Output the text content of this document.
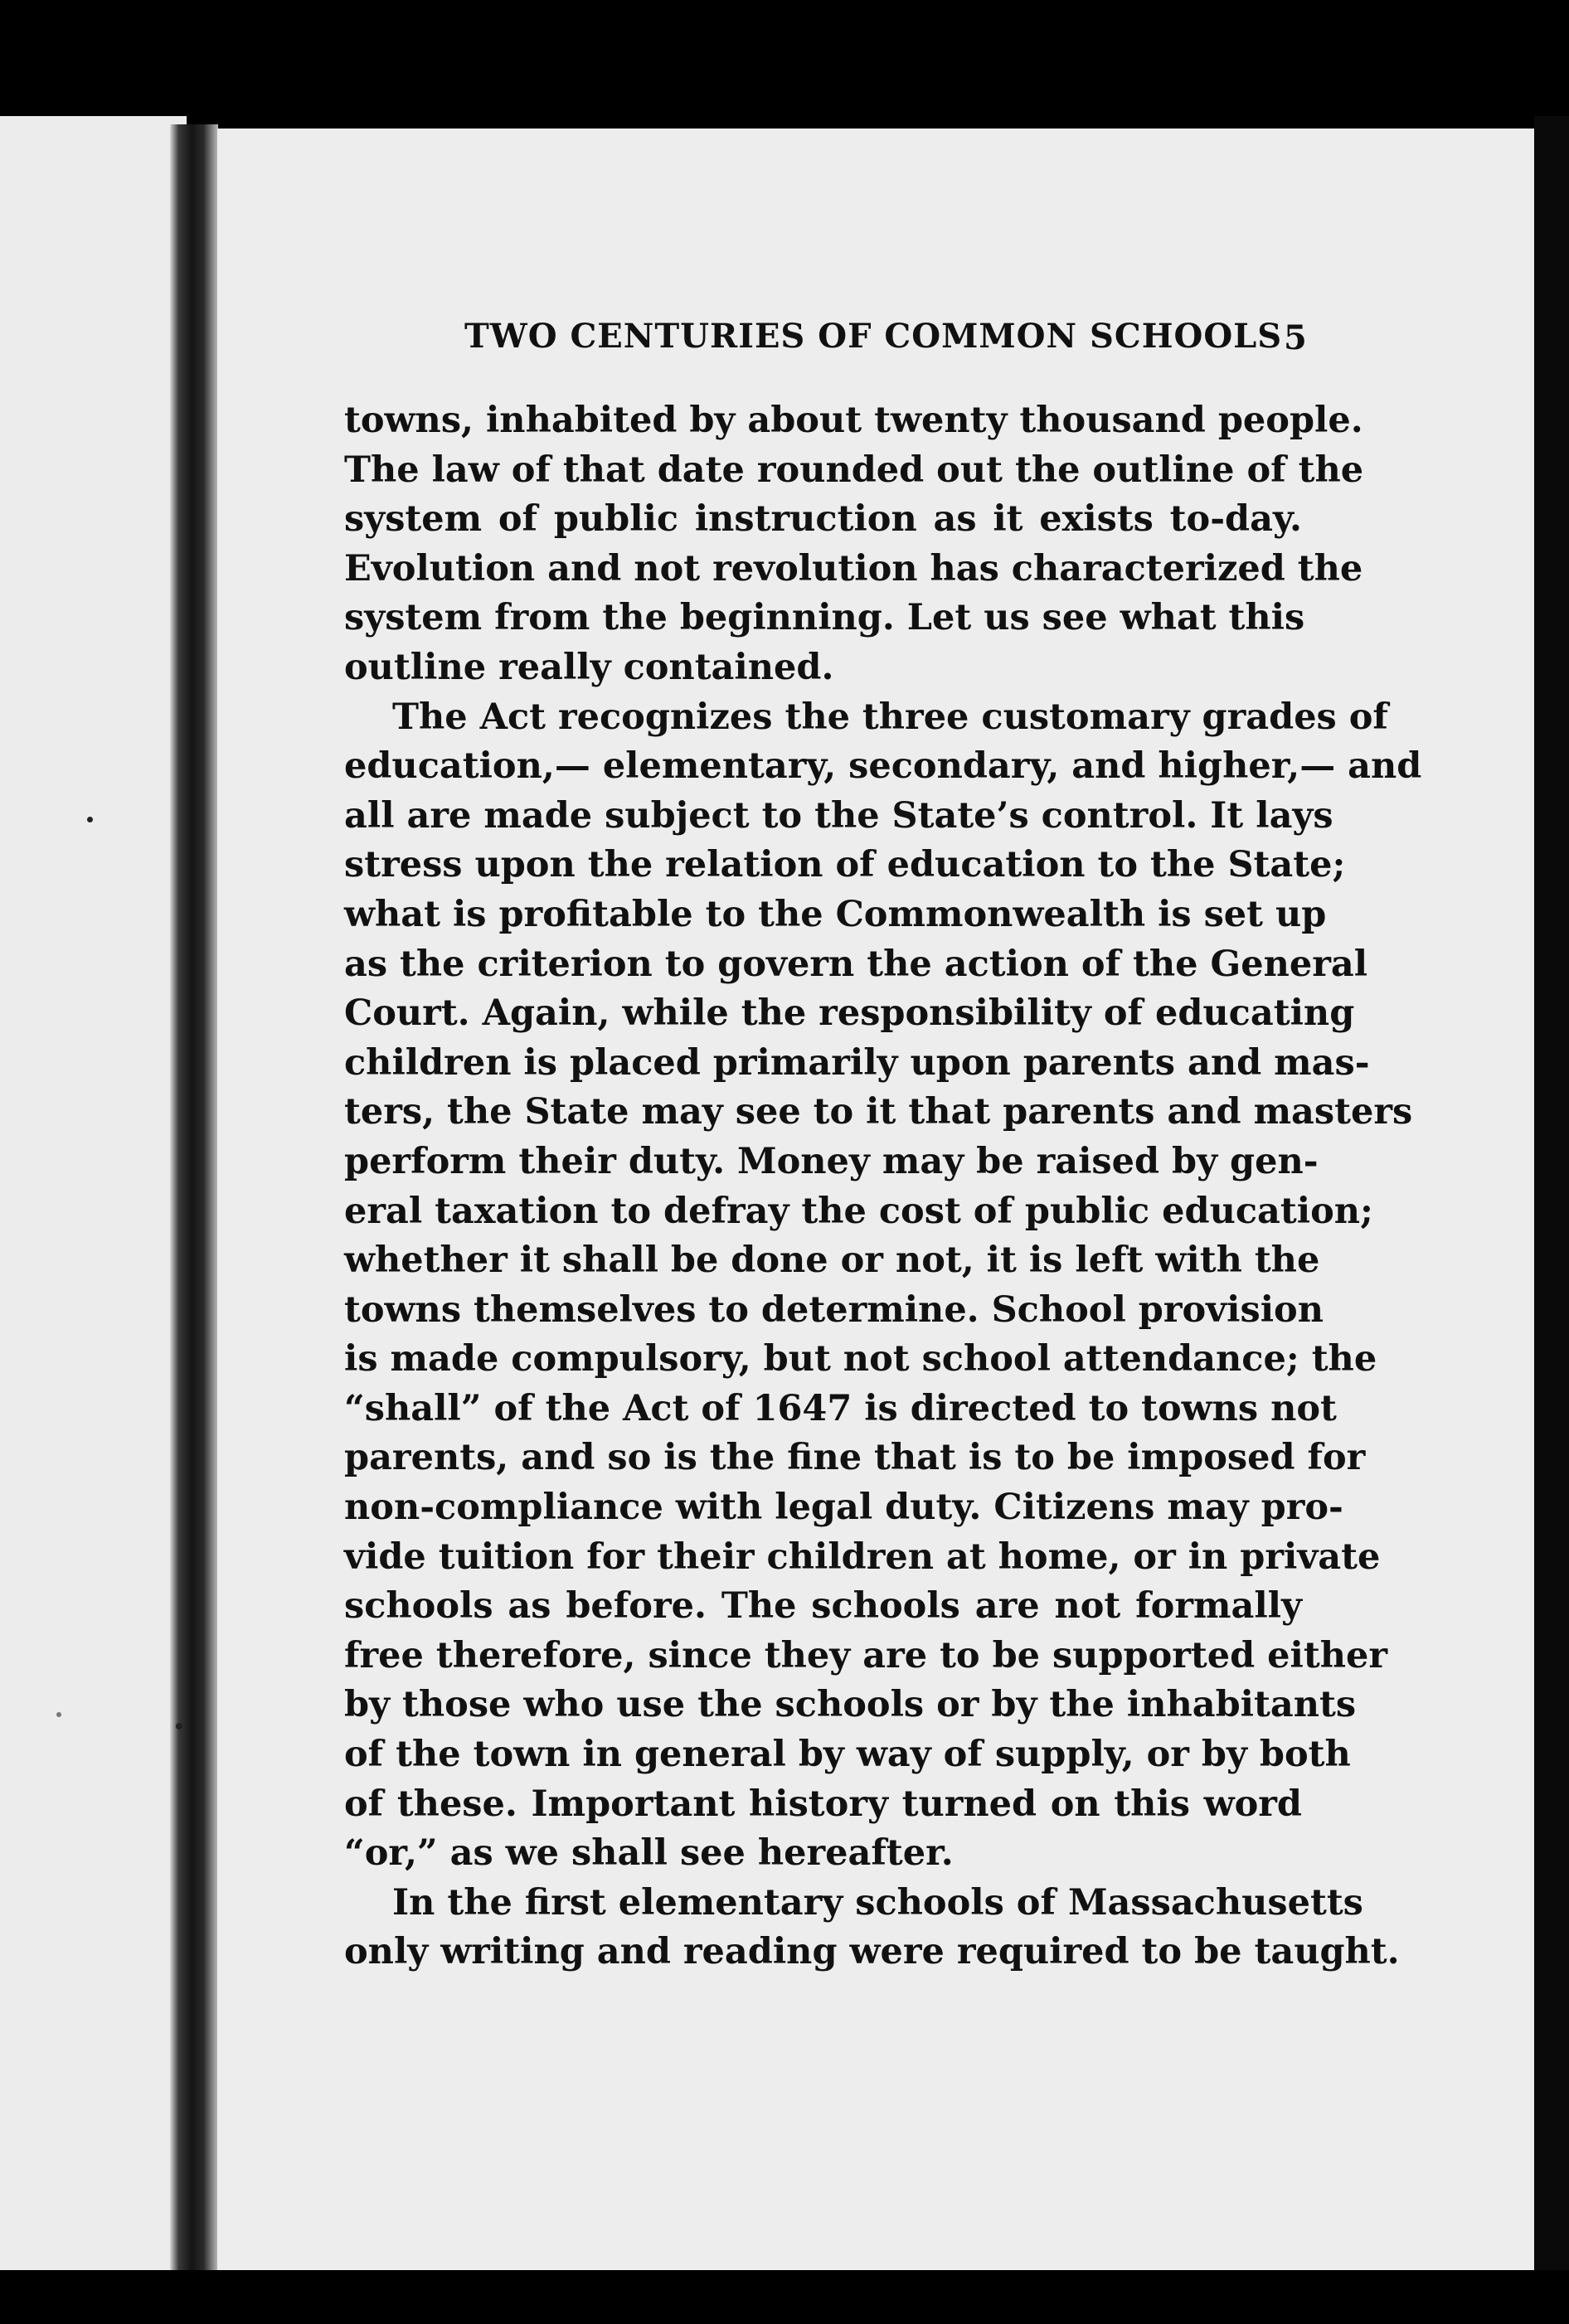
TWO CENTURIES OF COMMON SCHOOLS 5
towns, inhabited by about twenty thousand people.
The law of that date rounded out the outline of the
system of public instruction as it exists to-day.
Evolution and not revolution has characterized the
system from the beginning. Let us see what this
outline really contained.
The Act recognizes the three customary grades of
education,— elementary, secondary, and higher,— and
all are made subject to the State’s control. It lays
stress upon the relation of education to the State;
what is profitable to the Commonwealth is set up
as the criterion to govern the action of the General
Court. Again, while the responsibility of educating
children is placed primarily upon parents and mas-
ters, the State may see to it that parents and masters
perform their duty. Money may be raised by gen-
eral taxation to defray the cost of public education;
whether it shall be done or not, it is left with the
towns themselves to determine. School provision
is made compulsory, but not school attendance; the
“shall” of the Act of 1647 is directed to towns not
parents, and so is the fine that is to be imposed for
non-compliance with legal duty. Citizens may pro-
vide tuition for their children at home, or in private
schools as before. The schools are not formally
free therefore, since they are to be supported either
by those who use the schools or by the inhabitants
of the town in general by way of supply, or by both
of these. Important history turned on this word
“or,” as we shall see hereafter.
In the first elementary schools of Massachusetts
only writing and reading were required to be taught.
